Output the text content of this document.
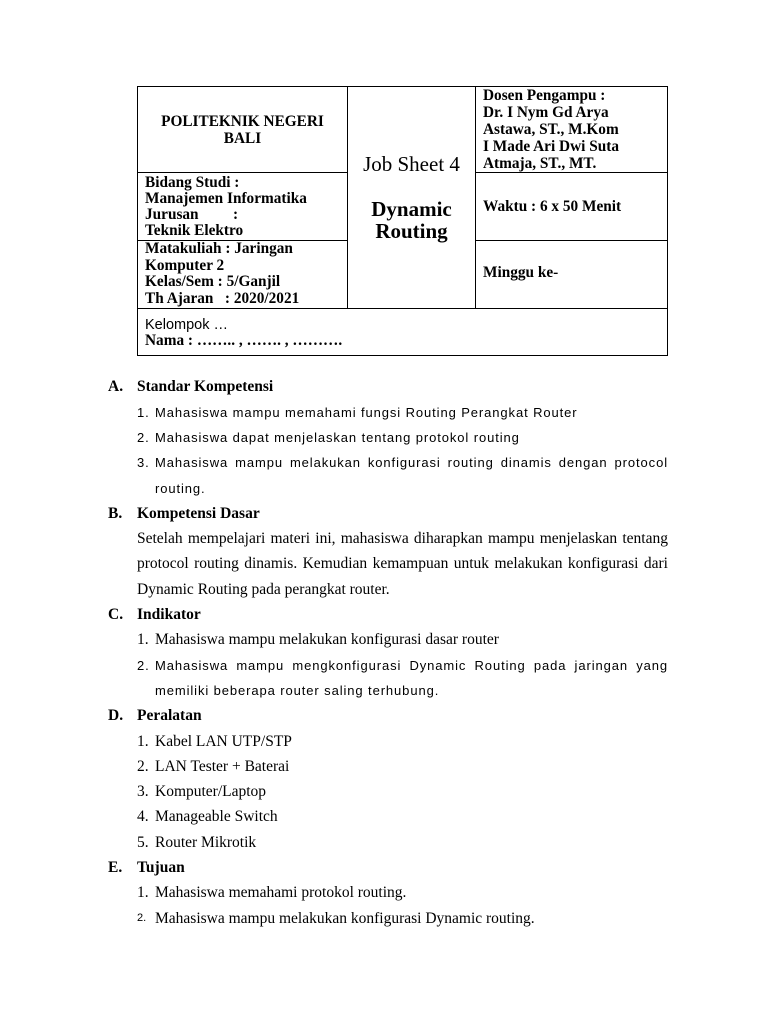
POLITEKNIK NEGERI
BALI
Job Sheet 4
Dynamic
Routing
Dosen Pengampu :
Dr. I Nym Gd Arya
Astawa, ST., M.Kom
I Made Ari Dwi Suta
Atmaja, ST., MT.
Bidang Studi :
Manajemen Informatika
Jurusan         :
Teknik Elektro
Waktu : 6 x 50 Menit
Matakuliah : Jaringan
Komputer 2
Kelas/Sem : 5/Ganjil
Th Ajaran   : 2020/2021
Minggu ke-
Kelompok …
Nama : …….. , ……. , ……….
A. Standar Kompetensi
1. Mahasiswa mampu memahami fungsi Routing Perangkat Router
2. Mahasiswa dapat menjelaskan tentang protokol routing
3. Mahasiswa mampu melakukan konfigurasi routing dinamis dengan protocol routing.
B. Kompetensi Dasar
Setelah mempelajari materi ini, mahasiswa diharapkan mampu menjelaskan tentang protocol routing dinamis. Kemudian kemampuan untuk melakukan konfigurasi dari Dynamic Routing pada perangkat router.
C. Indikator
1. Mahasiswa mampu melakukan konfigurasi dasar router
2. Mahasiswa mampu mengkonfigurasi Dynamic Routing pada jaringan yang memiliki beberapa router saling terhubung.
D. Peralatan
1. Kabel LAN UTP/STP
2. LAN Tester + Baterai
3. Komputer/Laptop
4. Manageable Switch
5. Router Mikrotik
E. Tujuan
1. Mahasiswa memahami protokol routing.
2. Mahasiswa mampu melakukan konfigurasi Dynamic routing.
